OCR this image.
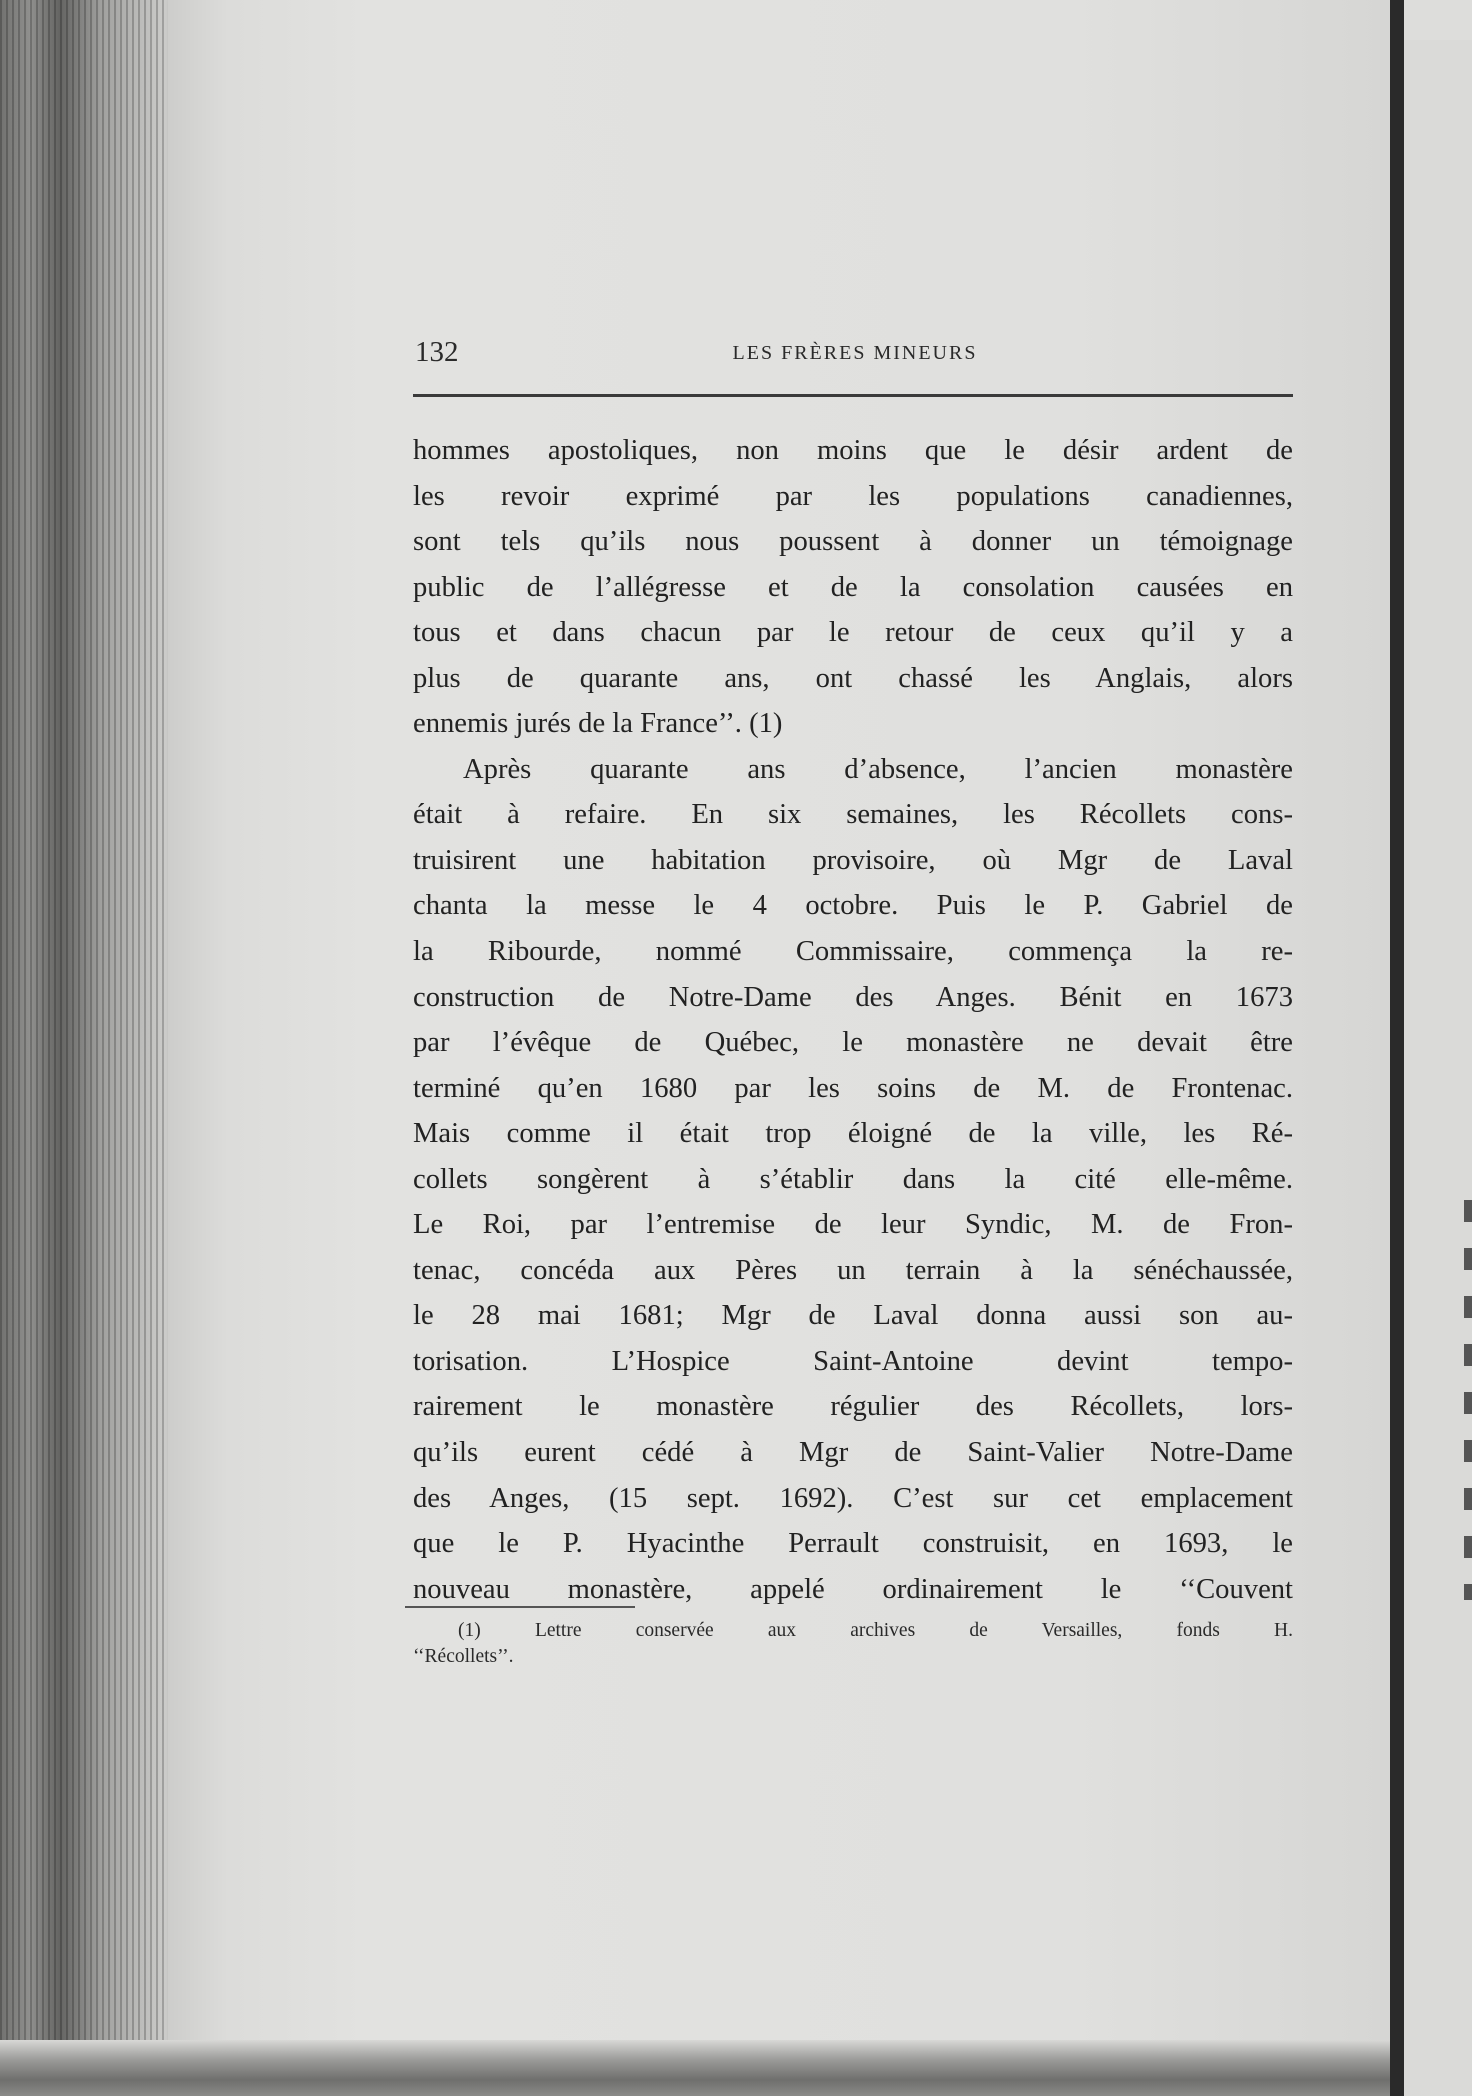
132	LES FRÈRES MINEURS
hommes apostoliques, non moins que le désir ardent de
les revoir exprimé par les populations canadiennes,
sont tels qu’ils nous poussent à donner un témoignage
public de l’allégresse et de la consolation causées en
tous et dans chacun par le retour de ceux qu’il y a
plus de quarante ans, ont chassé les Anglais, alors
ennemis jurés de la France’’. (1)
Après quarante ans d’absence, l’ancien monastère
était à refaire. En six semaines, les Récollets cons-
truisirent une habitation provisoire, où Mgr de Laval
chanta la messe le 4 octobre. Puis le P. Gabriel de
la Ribourde, nommé Commissaire, commença la re-
construction de Notre-Dame des Anges. Bénit en 1673
par l’évêque de Québec, le monastère ne devait être
terminé qu’en 1680 par les soins de M. de Frontenac.
Mais comme il était trop éloigné de la ville, les Ré-
collets songèrent à s’établir dans la cité elle-même.
Le Roi, par l’entremise de leur Syndic, M. de Fron-
tenac, concéda aux Pères un terrain à la sénéchaussée,
le 28 mai 1681; Mgr de Laval donna aussi son au-
torisation. L’Hospice Saint-Antoine devint tempo-
rairement le monastère régulier des Récollets, lors-
qu’ils eurent cédé à Mgr de Saint-Valier Notre-Dame
des Anges, (15 sept. 1692). C’est sur cet emplacement
que le P. Hyacinthe Perrault construisit, en 1693, le
nouveau monastère, appelé ordinairement le ‘‘Couvent
(1) Lettre conservée aux archives de Versailles, fonds H.
‘‘Récollets’’.
